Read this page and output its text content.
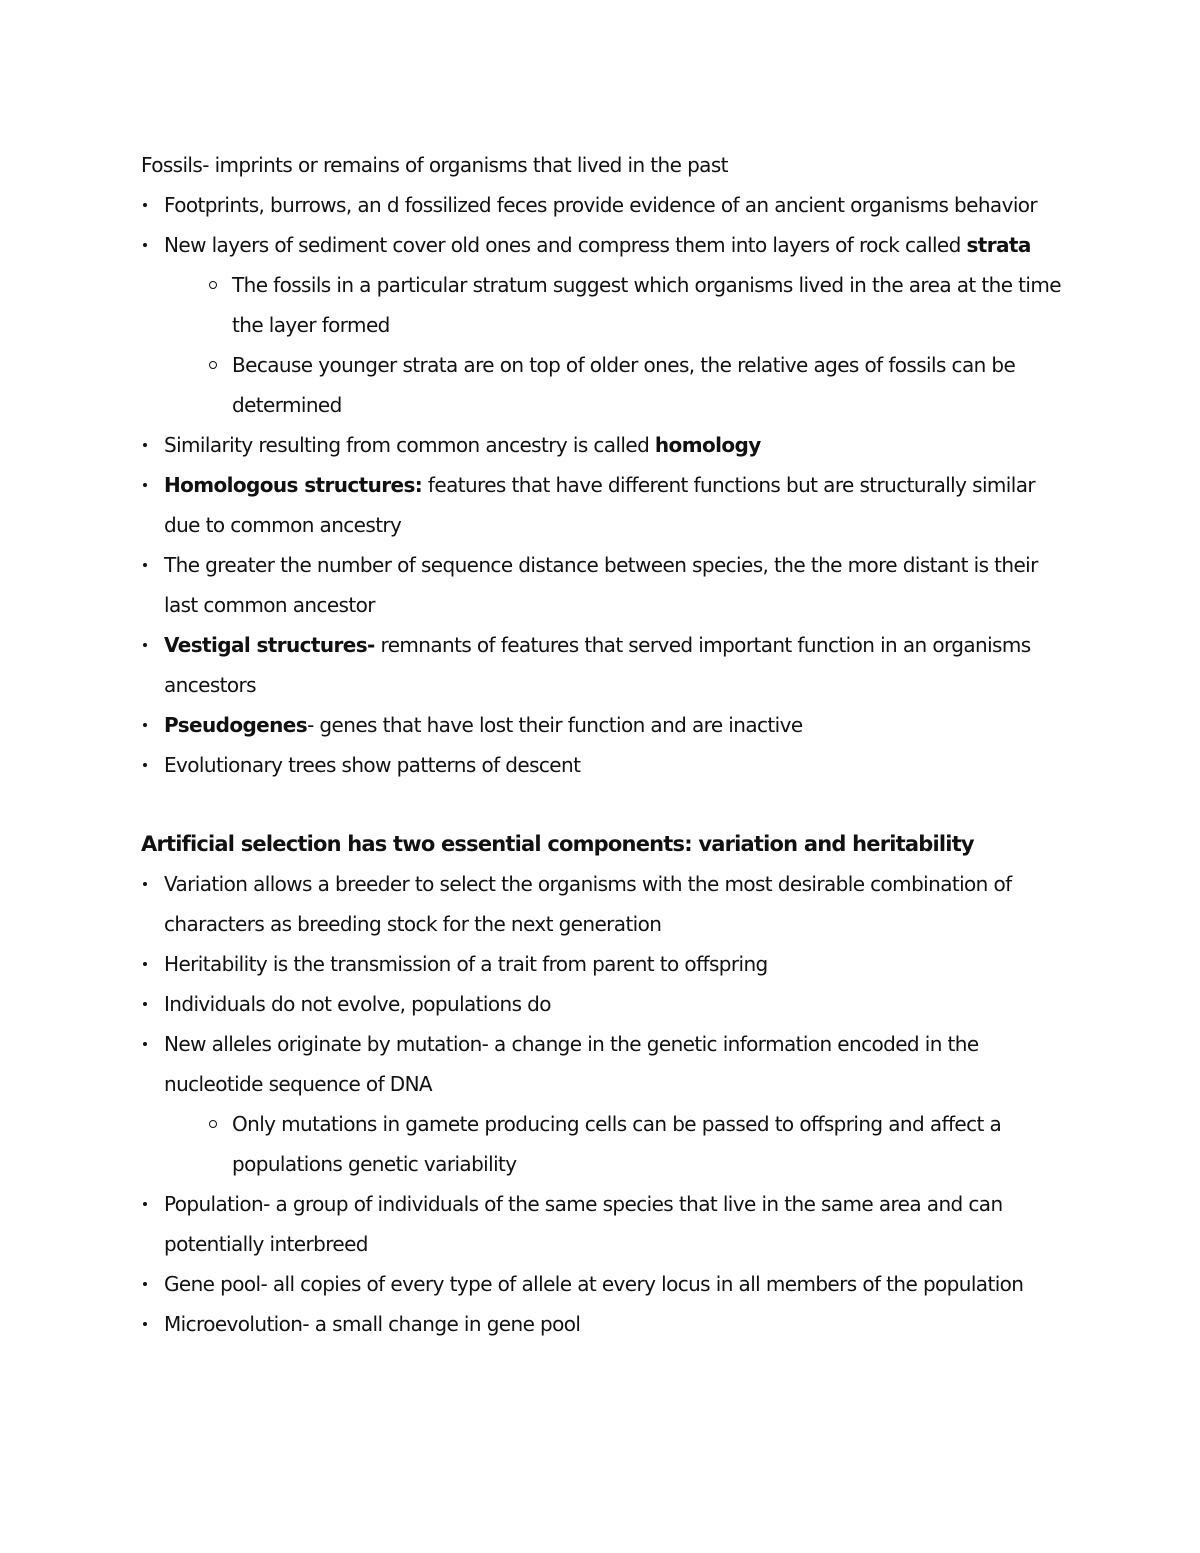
Fossils- imprints or remains of organisms that lived in the past

Footprints, burrows, an d fossilized feces provide evidence of an ancient organisms behavior
New layers of sediment cover old ones and compress them into layers of rock called strata
The fossils in a particular stratum suggest which organisms lived in the area at the time the layer formed
Because younger strata are on top of older ones, the relative ages of fossils can be determined
Similarity resulting from common ancestry is called homology
Homologous structures: features that have different functions but are structurally similar due to common ancestry
The greater the number of sequence distance between species, the the more distant is their last common ancestor
Vestigal structures- remnants of features that served important function in an organisms ancestors
Pseudogenes- genes that have lost their function and are inactive
Evolutionary trees show patterns of descent

Artificial selection has two essential components: variation and heritability

Variation allows a breeder to select the organisms with the most desirable combination of characters as breeding stock for the next generation
Heritability is the transmission of a trait from parent to offspring
Individuals do not evolve, populations do
New alleles originate by mutation- a change in the genetic information encoded in the nucleotide sequence of DNA
Only mutations in gamete producing cells can be passed to offspring and affect a populations genetic variability
Population- a group of individuals of the same species that live in the same area and can potentially interbreed
Gene pool- all copies of every type of allele at every locus in all members of the population
Microevolution- a small change in gene pool
